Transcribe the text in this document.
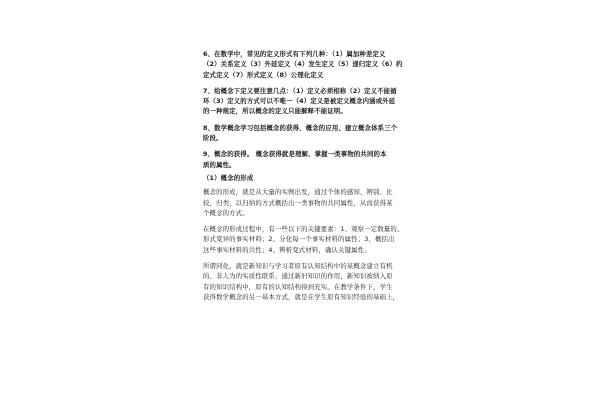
6、在数学中，常见的定义形式有下列几种：（1）属加种差定义
（2）关系定义（3）外延定义（4）发生定义（5）递归定义（6）约
定式定义（7）形式定义（8）公理化定义
7、给概念下定义要注意几点：（1）定义必须相称（2）定义不能循
环（3）定义的方式可以不唯一（4）定义是被定义概念内涵或外延
的一种规定，所以概念的定义只能解释不能证明。
8、数学概念学习包括概念的获得、概念的应用、建立概念体系三个
阶段。
9、概念的获得。 概念获得就是理解、掌握一类事物的共同的本
质的属性。
（1）概念的形成
概念的形成，就是从大量的实例出发，通过个体的感知、辨别、比
较、归类，以归纳的方式概括出一类事物的共同属性，从而获得某
个概念的方式。
在概念的形成过程中，有一些以下的关键要素：1、观察一定数量的、
形式变异的事实材料；2、分化每一个事实材料的属性；3、概括出
这些事实材料的共性；4、辨析变式材料，确认关键属性。
所谓同化，就是新知识与学习者原有认知结构中的某概念建立有机
的、非人为的实质性联系，通过新旧知识的作用，新知识被纳入原
有的知识结构中，原有的认知结构得到充实。在教学条件下，学生
获得数学概念的另一基本方式，就是在学生原有知识经验的基础上，
